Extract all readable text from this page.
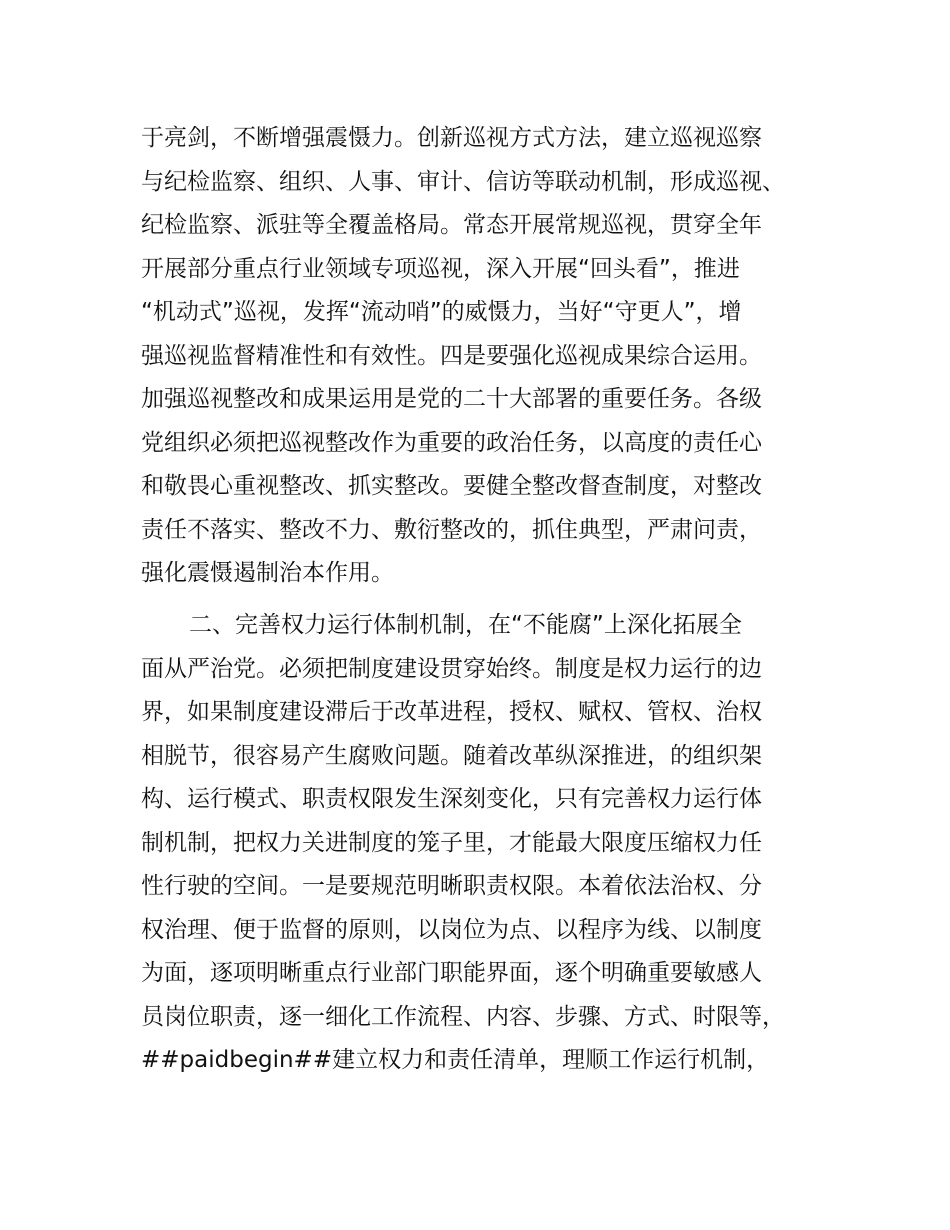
于亮剑，不断增强震慑力。创新巡视方式方法，建立巡视巡察
与纪检监察、组织、人事、审计、信访等联动机制，形成巡视、
纪检监察、派驻等全覆盖格局。常态开展常规巡视，贯穿全年
开展部分重点行业领域专项巡视，深入开展“回头看”，推进
“机动式”巡视，发挥“流动哨”的威慑力，当好“守更人”，增
强巡视监督精准性和有效性。四是要强化巡视成果综合运用。
加强巡视整改和成果运用是党的二十大部署的重要任务。各级
党组织必须把巡视整改作为重要的政治任务，以高度的责任心
和敬畏心重视整改、抓实整改。要健全整改督查制度，对整改
责任不落实、整改不力、敷衍整改的，抓住典型，严肃问责，
强化震慑遏制治本作用。
二、完善权力运行体制机制，在“不能腐”上深化拓展全
面从严治党。必须把制度建设贯穿始终。制度是权力运行的边
界，如果制度建设滞后于改革进程，授权、赋权、管权、治权
相脱节，很容易产生腐败问题。随着改革纵深推进，的组织架
构、运行模式、职责权限发生深刻变化，只有完善权力运行体
制机制，把权力关进制度的笼子里，才能最大限度压缩权力任
性行驶的空间。一是要规范明晰职责权限。本着依法治权、分
权治理、便于监督的原则，以岗位为点、以程序为线、以制度
为面，逐项明晰重点行业部门职能界面，逐个明确重要敏感人
员岗位职责，逐一细化工作流程、内容、步骤、方式、时限等，
##paidbegin##建立权力和责任清单，理顺工作运行机制，
